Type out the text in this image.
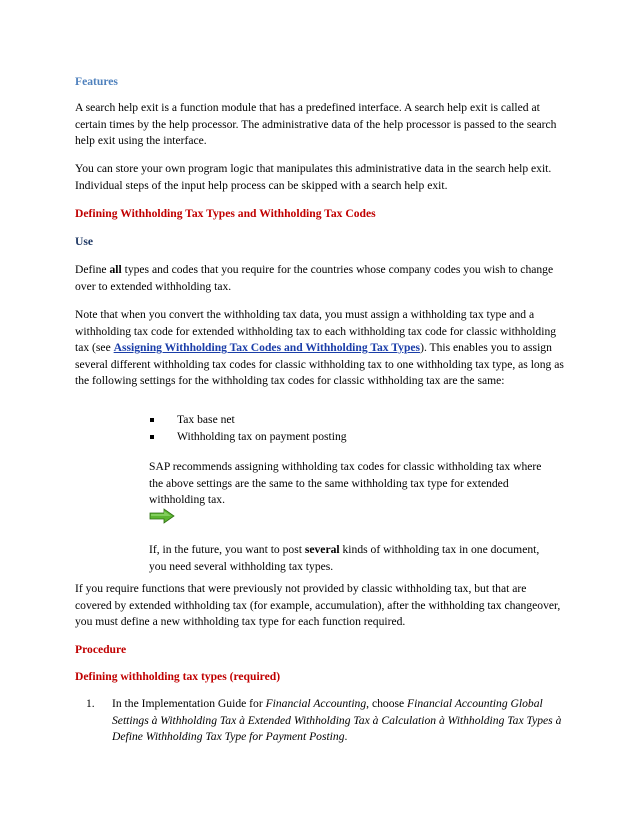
Features

A search help exit is a function module that has a predefined interface. A search help exit is called at certain times by the help processor. The administrative data of the help processor is passed to the search help exit using the interface.

You can store your own program logic that manipulates this administrative data in the search help exit. Individual steps of the input help process can be skipped with a search help exit.

Defining Withholding Tax Types and Withholding Tax Codes

Use

Define all types and codes that you require for the countries whose company codes you wish to change over to extended withholding tax.

Note that when you convert the withholding tax data, you must assign a withholding tax type and a withholding tax code for extended withholding tax to each withholding tax code for classic withholding tax (see Assigning Withholding Tax Codes and Withholding Tax Types). This enables you to assign several different withholding tax codes for classic withholding tax to one withholding tax type, as long as the following settings for the withholding tax codes for classic withholding tax are the same:

Tax base net
Withholding tax on payment posting

SAP recommends assigning withholding tax codes for classic withholding tax where the above settings are the same to the same withholding tax type for extended withholding tax.

If, in the future, you want to post several kinds of withholding tax in one document, you need several withholding tax types.

If you require functions that were previously not provided by classic withholding tax, but that are covered by extended withholding tax (for example, accumulation), after the withholding tax changeover, you must define a new withholding tax type for each function required.

Procedure

Defining withholding tax types (required)

1. In the Implementation Guide for Financial Accounting, choose Financial Accounting Global Settings à Withholding Tax à Extended Withholding Tax à Calculation à Withholding Tax Types à Define Withholding Tax Type for Payment Posting.
